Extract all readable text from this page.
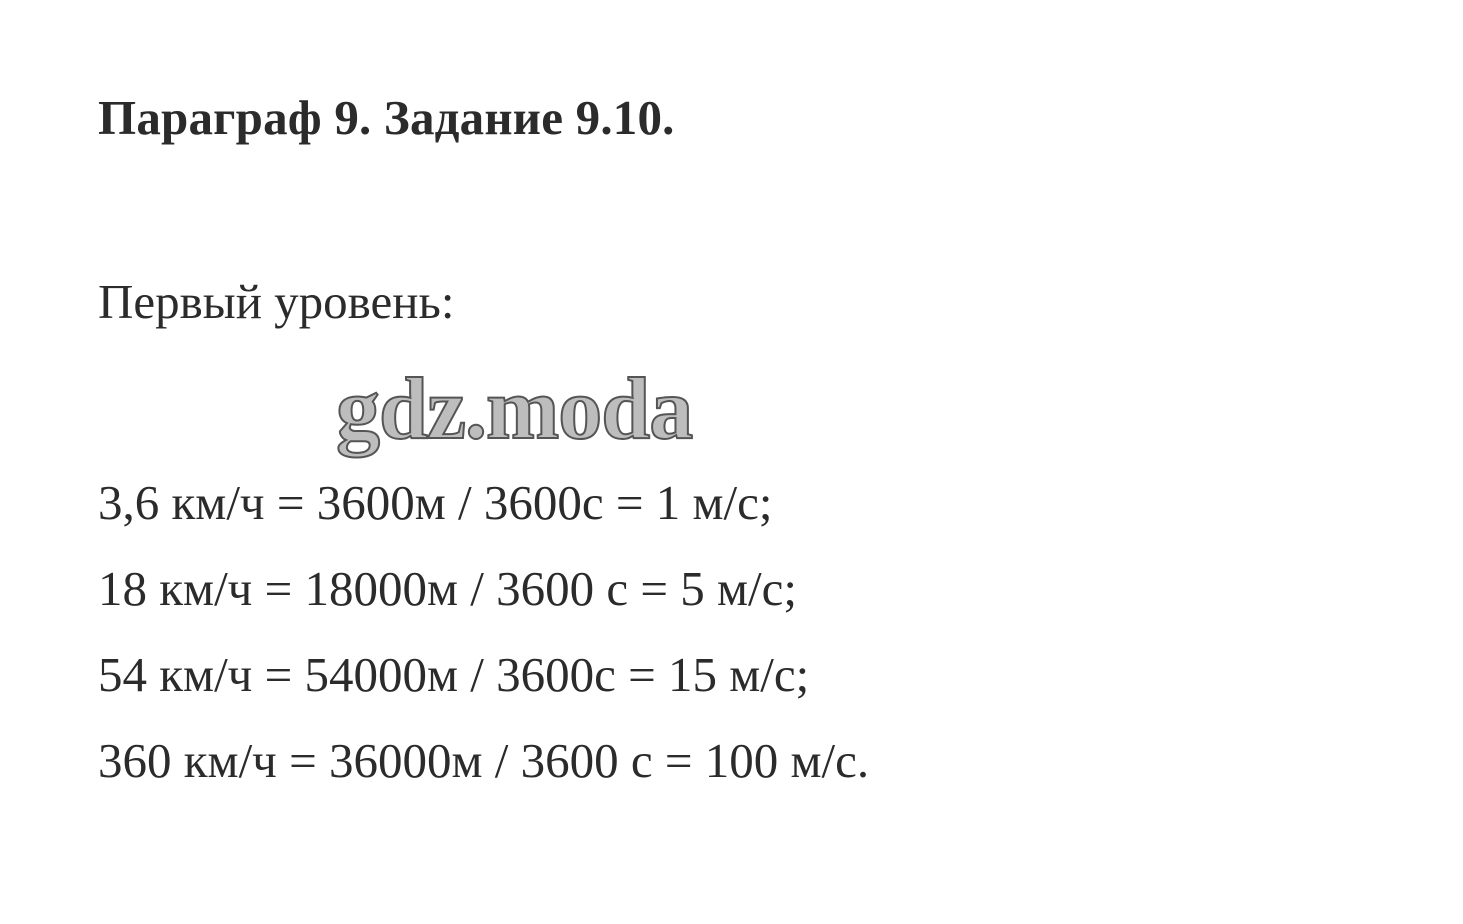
Параграф 9. Задание 9.10.
Первый уровень:
gdz.moda
3,6 км/ч = 3600м / 3600с = 1 м/с;
18 км/ч = 18000м / 3600 с = 5 м/с;
54 км/ч = 54000м / 3600с = 15 м/с;
360 км/ч = 36000м / 3600 с = 100 м/с.
